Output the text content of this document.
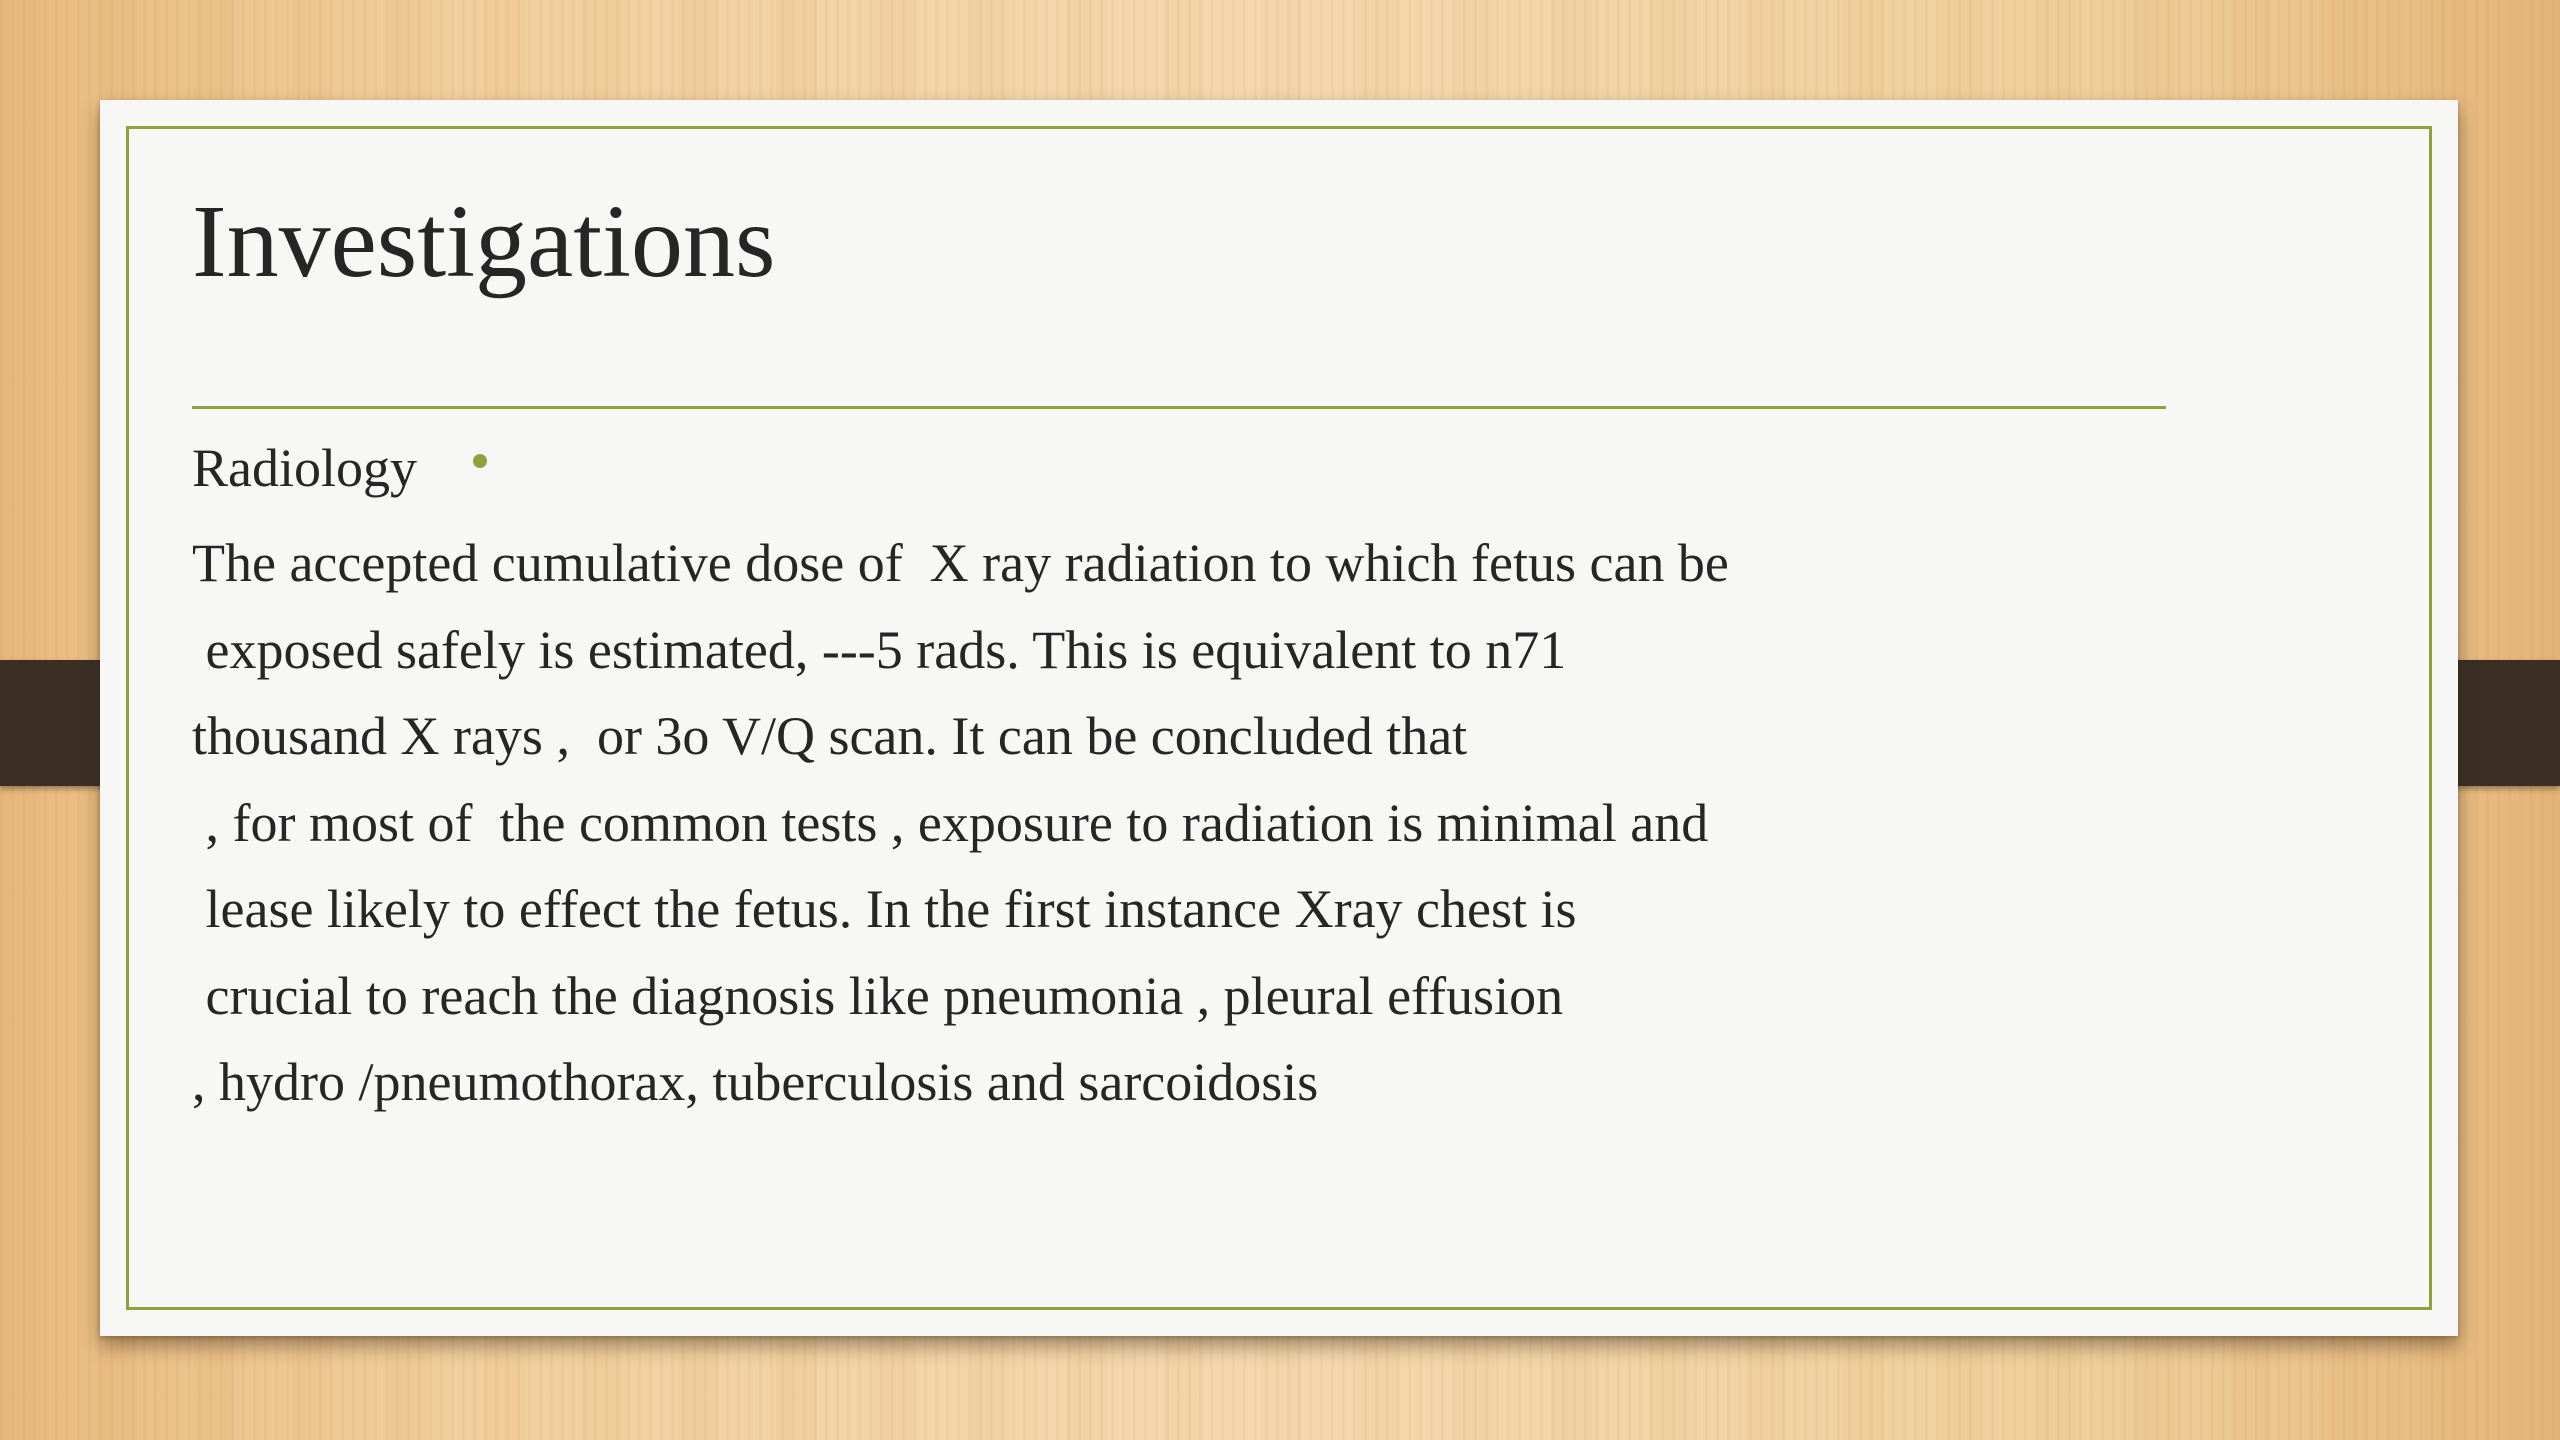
Investigations
Radiology
The accepted cumulative dose of  X ray radiation to which fetus can be
exposed safely is estimated, ---5 rads. This is equivalent to n71
thousand X rays ,  or 3o V/Q scan. It can be concluded that
, for most of  the common tests , exposure to radiation is minimal and
lease likely to effect the fetus. In the first instance Xray chest is
crucial to reach the diagnosis like pneumonia , pleural effusion
, hydro /pneumothorax, tuberculosis and sarcoidosis
